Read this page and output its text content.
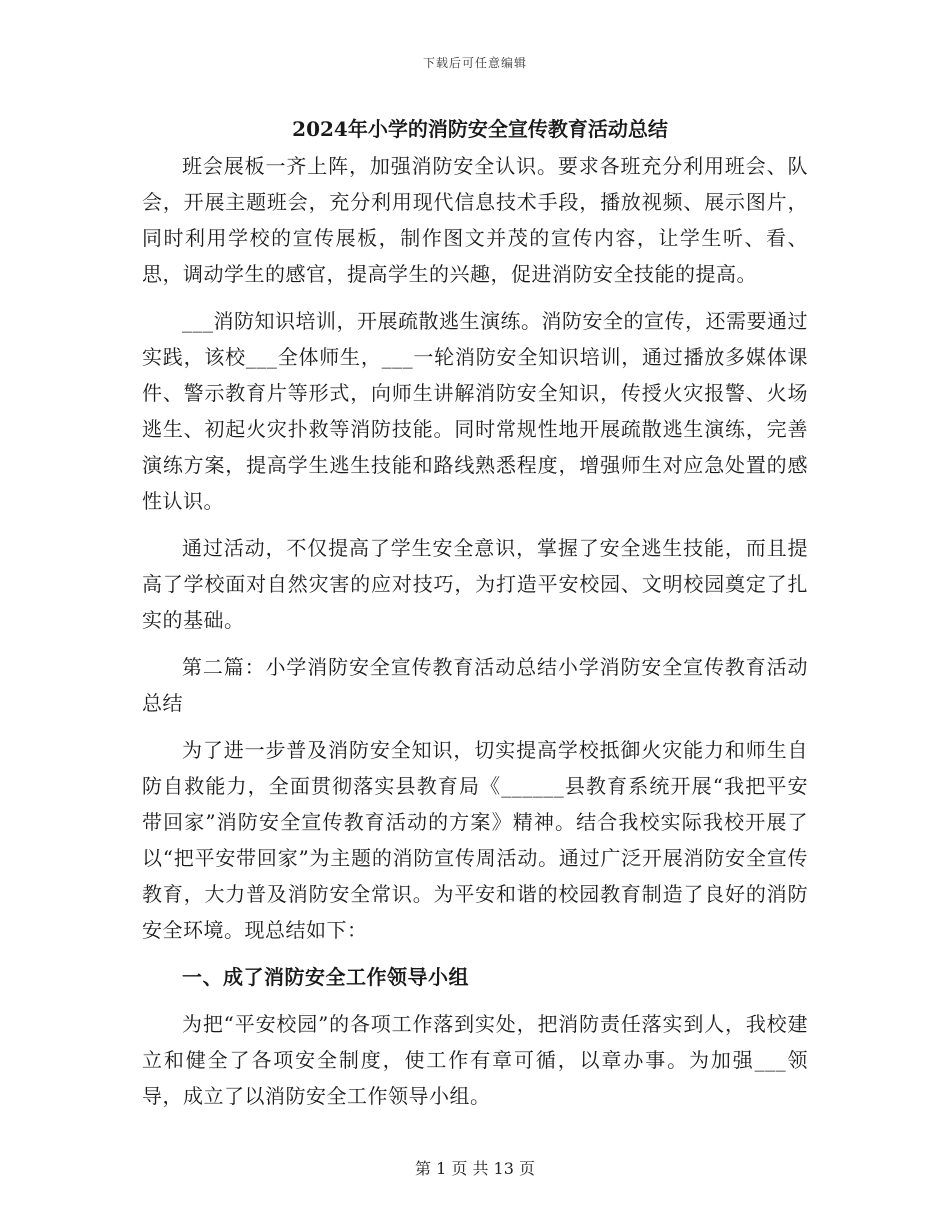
下载后可任意编辑
2024年小学的消防安全宣传教育活动总结

班会展板一齐上阵，加强消防安全认识。要求各班充分利用班会、队会，开展主题班会，充分利用现代信息技术手段，播放视频、展示图片，同时利用学校的宣传展板，制作图文并茂的宣传内容，让学生听、看、思，调动学生的感官，提高学生的兴趣，促进消防安全技能的提高。

___消防知识培训，开展疏散逃生演练。消防安全的宣传，还需要通过实践，该校___全体师生，___一轮消防安全知识培训，通过播放多媒体课件、警示教育片等形式，向师生讲解消防安全知识，传授火灾报警、火场逃生、初起火灾扑救等消防技能。同时常规性地开展疏散逃生演练，完善演练方案，提高学生逃生技能和路线熟悉程度，增强师生对应急处置的感性认识。

通过活动，不仅提高了学生安全意识，掌握了安全逃生技能，而且提高了学校面对自然灾害的应对技巧，为打造平安校园、文明校园奠定了扎实的基础。

第二篇：小学消防安全宣传教育活动总结小学消防安全宣传教育活动总结

为了进一步普及消防安全知识，切实提高学校抵御火灾能力和师生自防自救能力，全面贯彻落实县教育局《______县教育系统开展“我把平安带回家”消防安全宣传教育活动的方案》精神。结合我校实际我校开展了以“把平安带回家”为主题的消防宣传周活动。通过广泛开展消防安全宣传教育，大力普及消防安全常识。为平安和谐的校园教育制造了良好的消防安全环境。现总结如下：

一、成了消防安全工作领导小组

为把“平安校园”的各项工作落到实处，把消防责任落实到人，我校建立和健全了各项安全制度，使工作有章可循，以章办事。为加强___领导，成立了以消防安全工作领导小组。

第 1 页 共 13 页
